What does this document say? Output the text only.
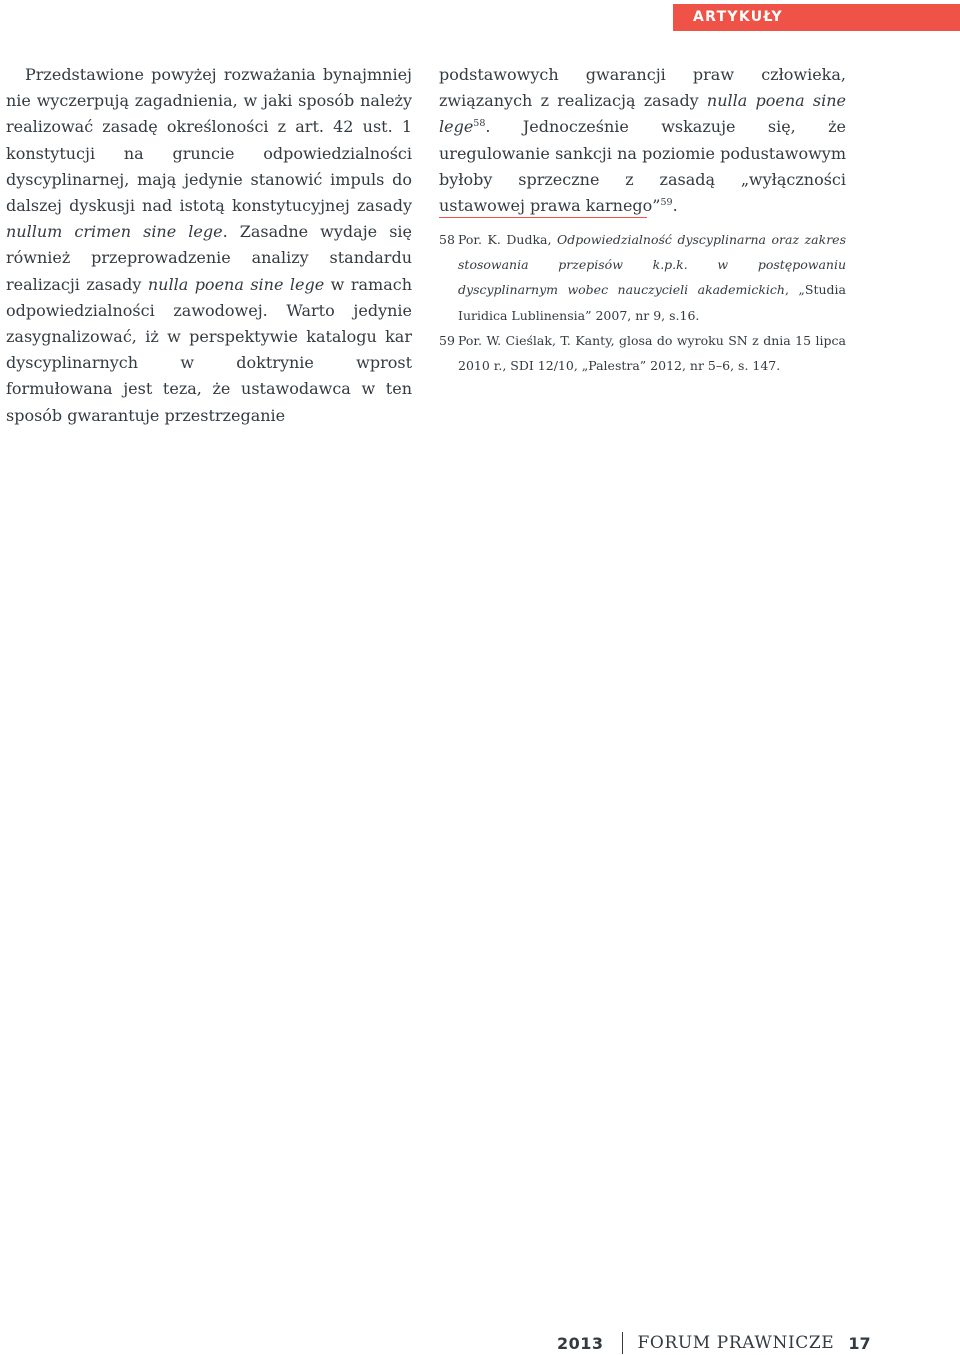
ARTYKUŁY

Przedstawione powyżej rozważania bynajmniej nie wyczerpują zagadnienia, w jaki sposób należy realizować zasadę określoności z art. 42 ust. 1 konstytucji na gruncie odpowiedzialności dyscyplinarnej, mają jedynie stanowić impuls do dalszej dyskusji nad istotą konstytucyjnej zasady nullum crimen sine lege. Zasadne wydaje się również przeprowadzenie analizy standardu realizacji zasady nulla poena sine lege w ramach odpowiedzialności zawodowej. Warto jedynie zasygnalizować, iż w perspektywie katalogu kar dyscyplinarnych w doktrynie wprost formułowana jest teza, że ustawodawca w ten sposób gwarantuje przestrzeganie

podstawowych gwarancji praw człowieka, związanych z realizacją zasady nulla poena sine lege$^{58}$. Jednocześnie wskazuje się, że uregulowanie sankcji na poziomie podustawowym byłoby sprzeczne z zasadą „wyłączności ustawowej prawa karnego”$^{59}$.

58 Por. K. Dudka, Odpowiedzialność dyscyplinarna oraz zakres stosowania przepisów k.p.k. w postępowaniu dyscyplinarnym wobec nauczycieli akademickich, „Studia Iuridica Lublinensia” 2007, nr 9, s.16.

59 Por. W. Cieślak, T. Kanty, glosa do wyroku SN z dnia 15 lipca 2010 r., SDI 12/10, „Palestra” 2012, nr 5–6, s. 147.

2013 FORUM PRAWNICZE 17
